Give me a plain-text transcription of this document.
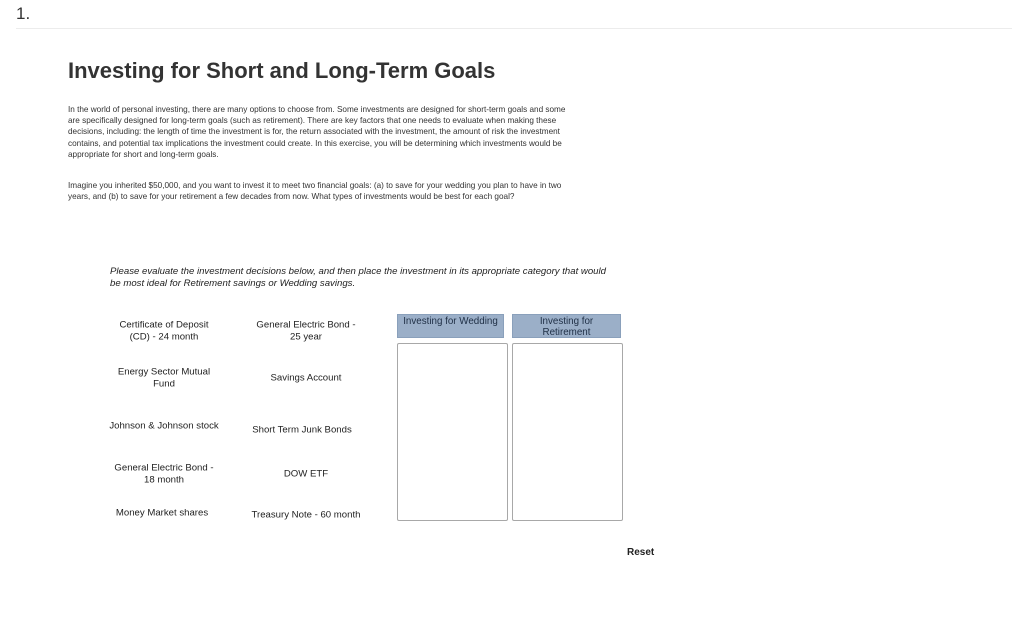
1.
Investing for Short and Long-Term Goals

In the world of personal investing, there are many options to choose from. Some investments are designed for short-term goals and some are specifically designed for long-term goals (such as retirement). There are key factors that one needs to evaluate when making these decisions, including: the length of time the investment is for, the return associated with the investment, the amount of risk the investment contains, and potential tax implications the investment could create. In this exercise, you will be determining which investments would be appropriate for short and long-term goals.

Imagine you inherited $50,000, and you want to invest it to meet two financial goals: (a) to save for your wedding you plan to have in two years, and (b) to save for your retirement a few decades from now. What types of investments would be best for each goal?

Please evaluate the investment decisions below, and then place the investment in its appropriate category that would be most ideal for Retirement savings or Wedding savings.

Certificate of Deposit (CD) - 24 month
General Electric Bond - 25 year
Energy Sector Mutual Fund
Savings Account
Johnson & Johnson stock	Short Term Junk Bonds
General Electric Bond - 18 month
DOW ETF
Money Market shares	Treasury Note - 60 month
Investing for Wedding	Investing for Retirement
Reset
